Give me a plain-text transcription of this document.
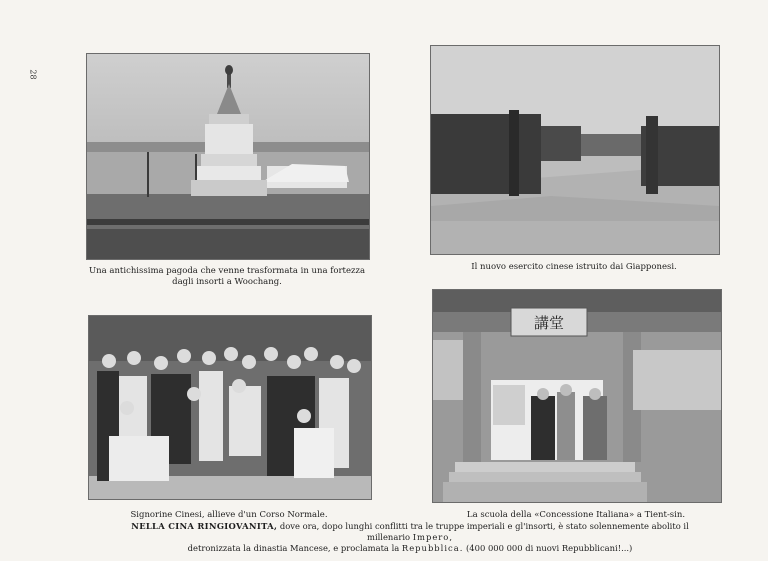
28
Una antichissima pagoda che venne trasformata in una fortezza
dagli insorti a Woochang.
Il nuovo esercito cinese istruito dai Giapponesi.
Signorine Cinesi, allieve d'un Corso Normale.
講堂
La scuola della «Concessione Italiana» a Tient-sin.
NELLA CINA RINGIOVANITA, dove ora, dopo lunghi conflitti tra le truppe imperiali e gl'insorti, è stato solennemente abolito il millenario Impero,
detronizzata la dinastia Mancese, e proclamata la Repubblica. (400 000 000 di nuovi Repubblicani!...)
